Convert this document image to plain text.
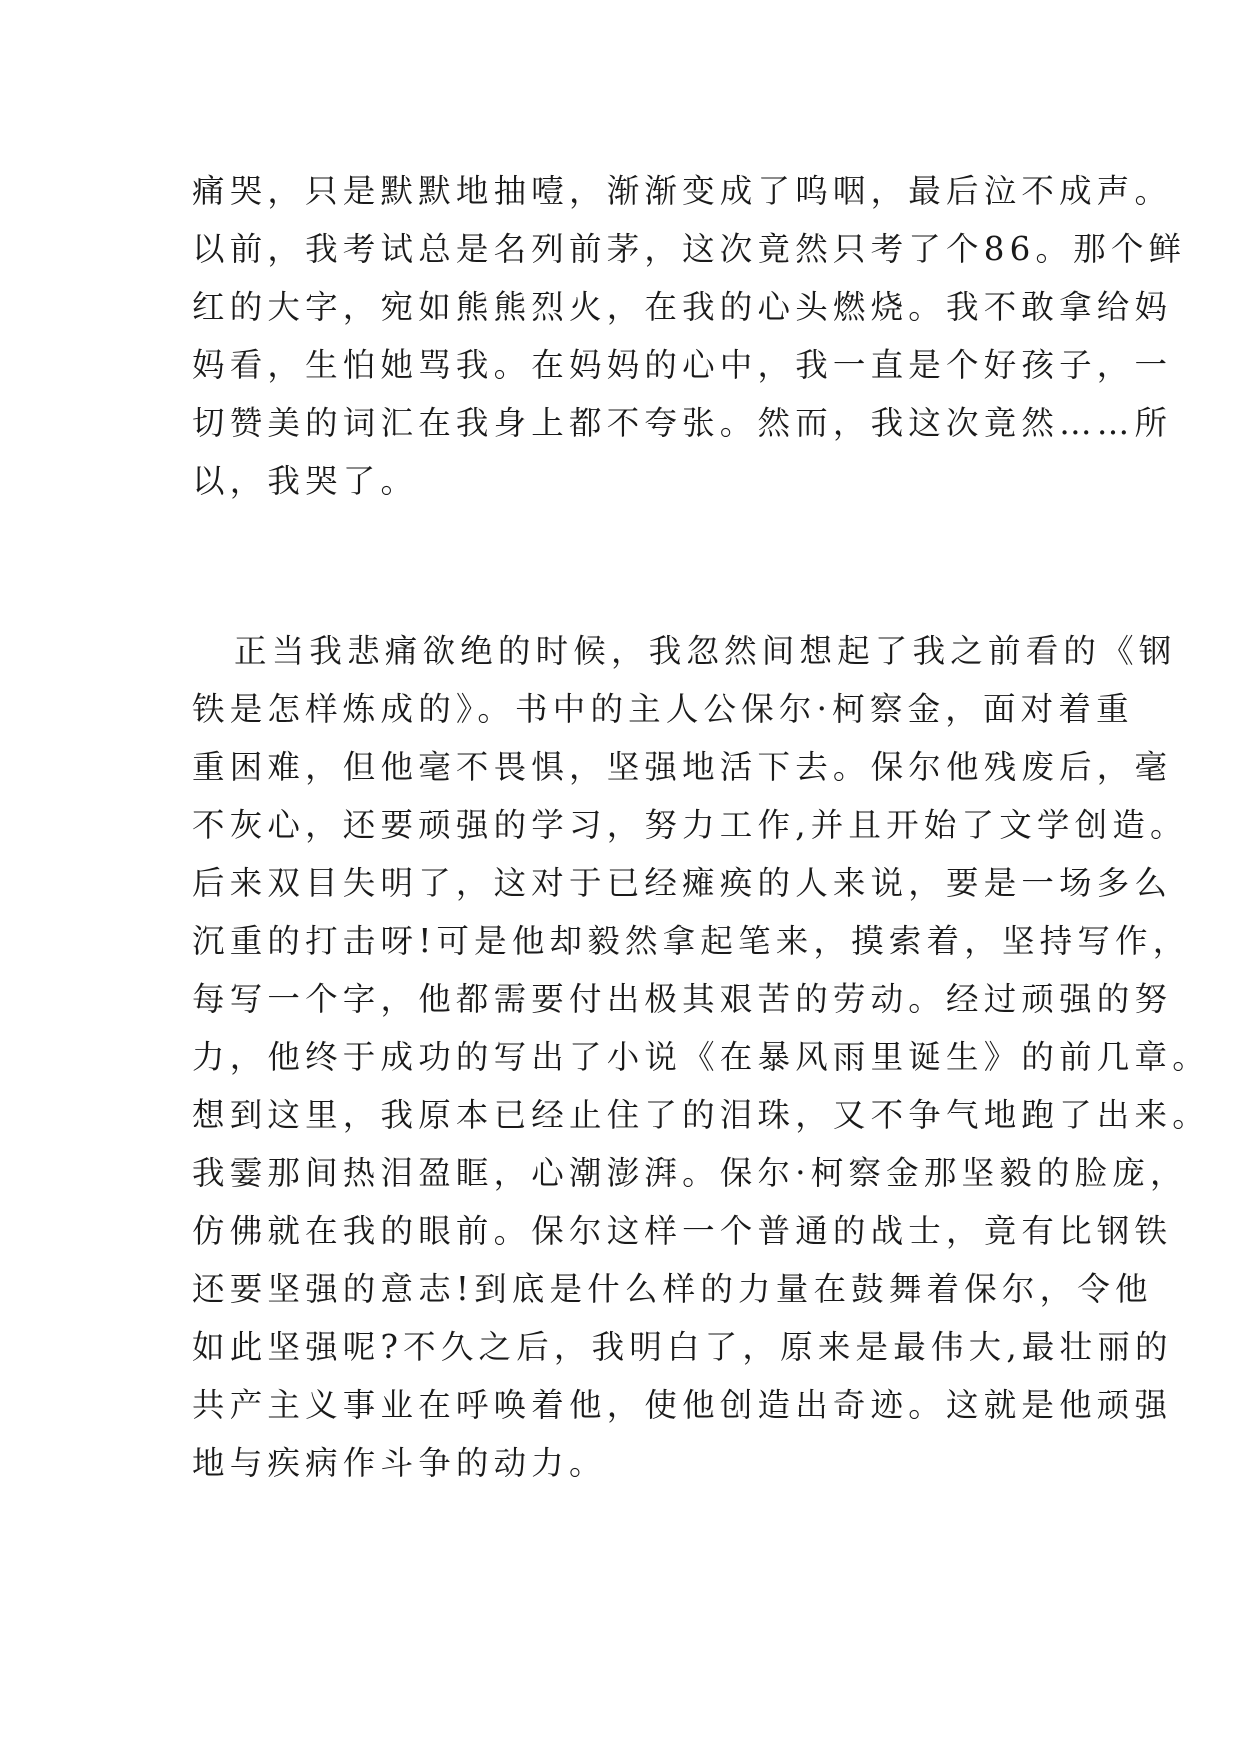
痛哭，只是默默地抽噎，渐渐变成了呜咽，最后泣不成声。
以前，我考试总是名列前茅，这次竟然只考了个86。那个鲜
红的大字，宛如熊熊烈火，在我的心头燃烧。我不敢拿给妈
妈看，生怕她骂我。在妈妈的心中，我一直是个好孩子，一
切赞美的词汇在我身上都不夸张。然而，我这次竟然……所
以，我哭了。
正当我悲痛欲绝的时候，我忽然间想起了我之前看的《钢
铁是怎样炼成的》。书中的主人公保尔·柯察金，面对着重
重困难，但他毫不畏惧，坚强地活下去。保尔他残废后，毫
不灰心，还要顽强的学习，努力工作,并且开始了文学创造。
后来双目失明了，这对于已经瘫痪的人来说，要是一场多么
沉重的打击呀!可是他却毅然拿起笔来，摸索着，坚持写作，
每写一个字，他都需要付出极其艰苦的劳动。经过顽强的努
力，他终于成功的写出了小说《在暴风雨里诞生》的前几章。
想到这里，我原本已经止住了的泪珠，又不争气地跑了出来。
我霎那间热泪盈眶，心潮澎湃。保尔·柯察金那坚毅的脸庞，
仿佛就在我的眼前。保尔这样一个普通的战士，竟有比钢铁
还要坚强的意志!到底是什么样的力量在鼓舞着保尔，令他
如此坚强呢?不久之后，我明白了，原来是最伟大,最壮丽的
共产主义事业在呼唤着他，使他创造出奇迹。这就是他顽强
地与疾病作斗争的动力。
